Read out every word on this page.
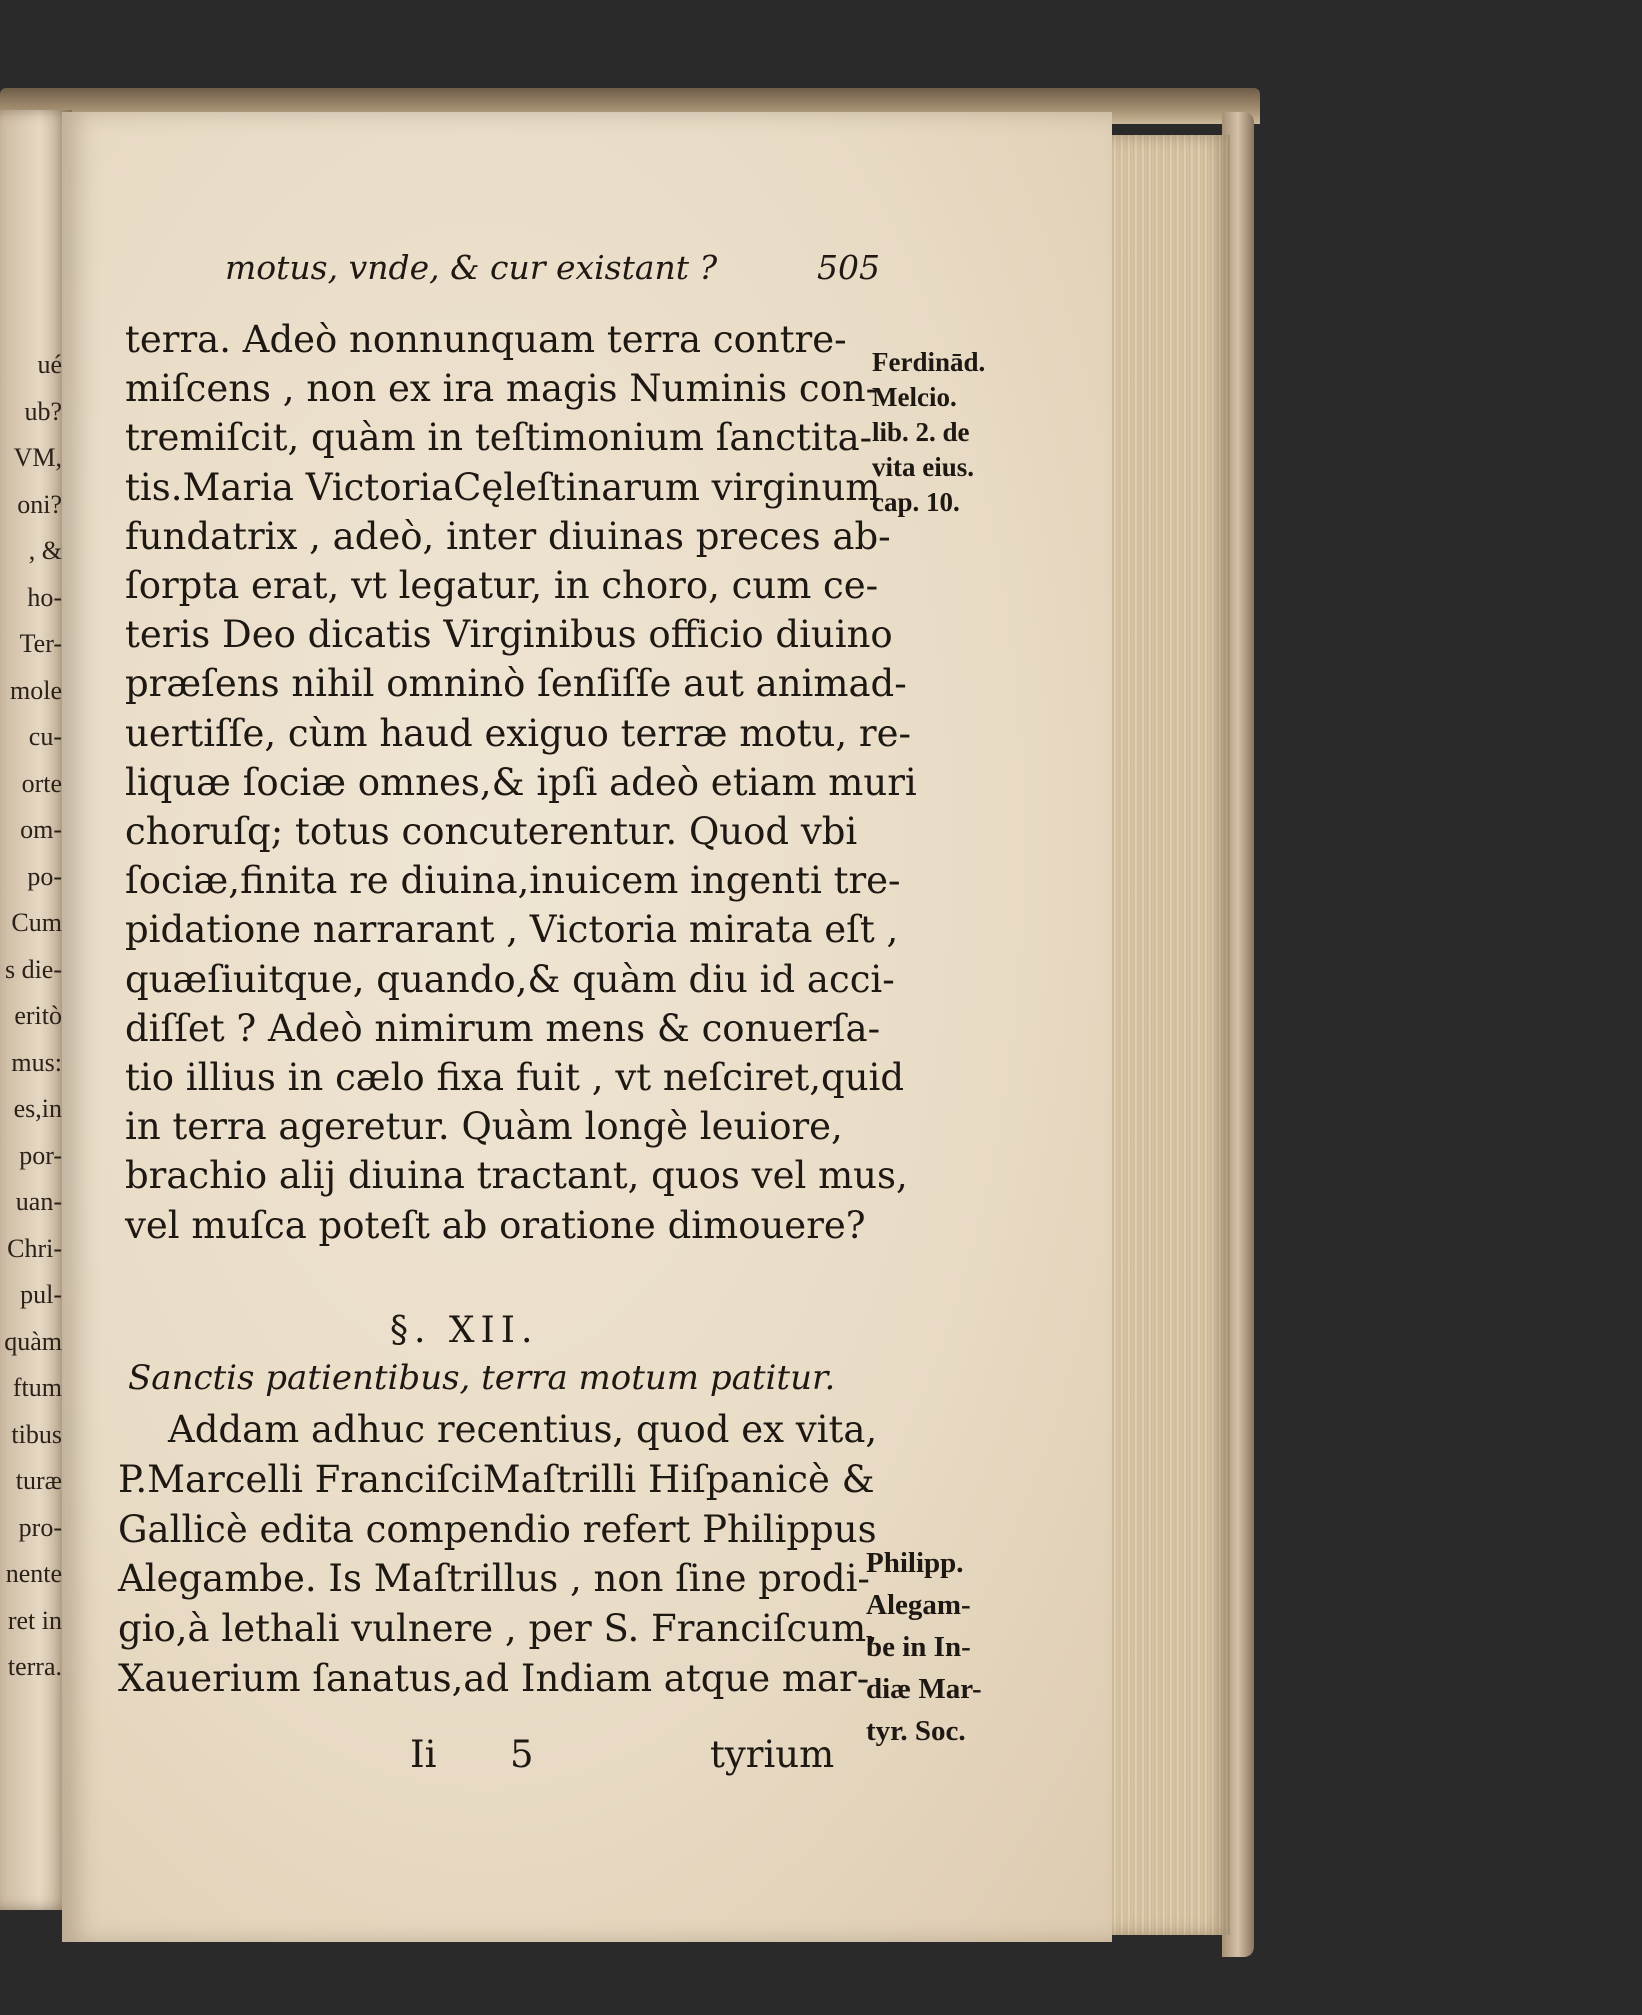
ué
ub?
VM,
oni?
, &
ho-
Ter-
mole
cu-
orte
om-
po-
Cum
s die-
eritò
mus:
es,in
por-
uan-
Chri-
pul-
quàm
ftum
tibus
turæ
pro-
nente
ret in
terra.
motus, vnde, & cur existant ?	505
terra. Adeò nonnunquam terra contre-
miſcens , non ex ira magis Numinis con-
tremiſcit, quàm in teſtimonium ſanctita-
tis.Maria VictoriaCęleſtinarum virginum
fundatrix , adeò, inter diuinas preces ab-
ſorpta erat, vt legatur, in choro, cum ce-
teris Deo dicatis Virginibus officio diuino
præſens nihil omninò ſenſiſſe aut animad-
uertiſſe, cùm haud exiguo terræ motu, re-
liquæ ſociæ omnes,& ipſi adeò etiam muri
choruſq; totus concuterentur. Quod vbi
ſociæ,finita re diuina,inuicem ingenti tre-
pidatione narrarant , Victoria mirata eſt ,
quæſiuitque, quando,& quàm diu id acci-
diſſet ? Adeò nimirum mens & conuerſa-
tio illius in cælo fixa fuit , vt neſciret,quid
in terra ageretur. Quàm longè leuiore,
brachio alij diuina tractant, quos vel mus,
vel muſca poteſt ab oratione dimouere?
§. XII.
Sanctis patientibus, terra motum patitur.
Addam adhuc recentius, quod ex vita,
P.Marcelli FranciſciMaſtrilli Hiſpanicè &
Gallicè edita compendio refert Philippus
Alegambe. Is Maſtrillus , non ſine prodi-
gio,à lethali vulnere , per S. Franciſcum,
Xauerium ſanatus,ad Indiam atque mar-
Ii 5	tyrium
Ferdinād.
Melcio.
lib. 2. de
vita eius.
cap. 10.
Philipp.
Alegam-
be in In-
diæ Mar-
tyr. Soc.
